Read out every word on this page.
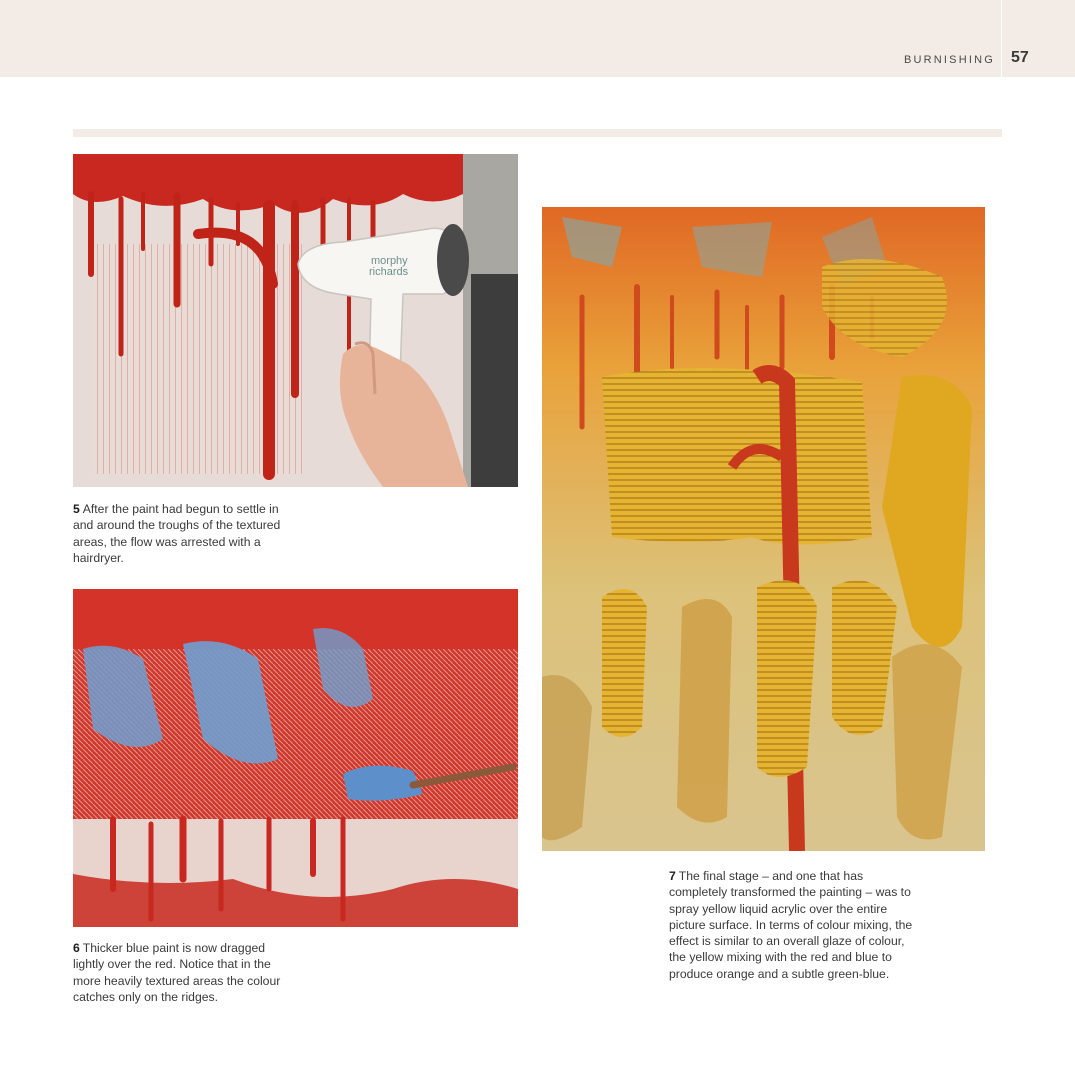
BURNISHING 57
morphy
richards
5 After the paint had begun to settle in and around the troughs of the textured areas, the flow was arrested with a hairdryer.
6 Thicker blue paint is now dragged lightly over the red. Notice that in the more heavily textured areas the colour catches only on the ridges.
7 The final stage – and one that has completely transformed the painting – was to spray yellow liquid acrylic over the entire picture surface. In terms of colour mixing, the effect is similar to an overall glaze of colour, the yellow mixing with the red and blue to produce orange and a subtle green-blue.
